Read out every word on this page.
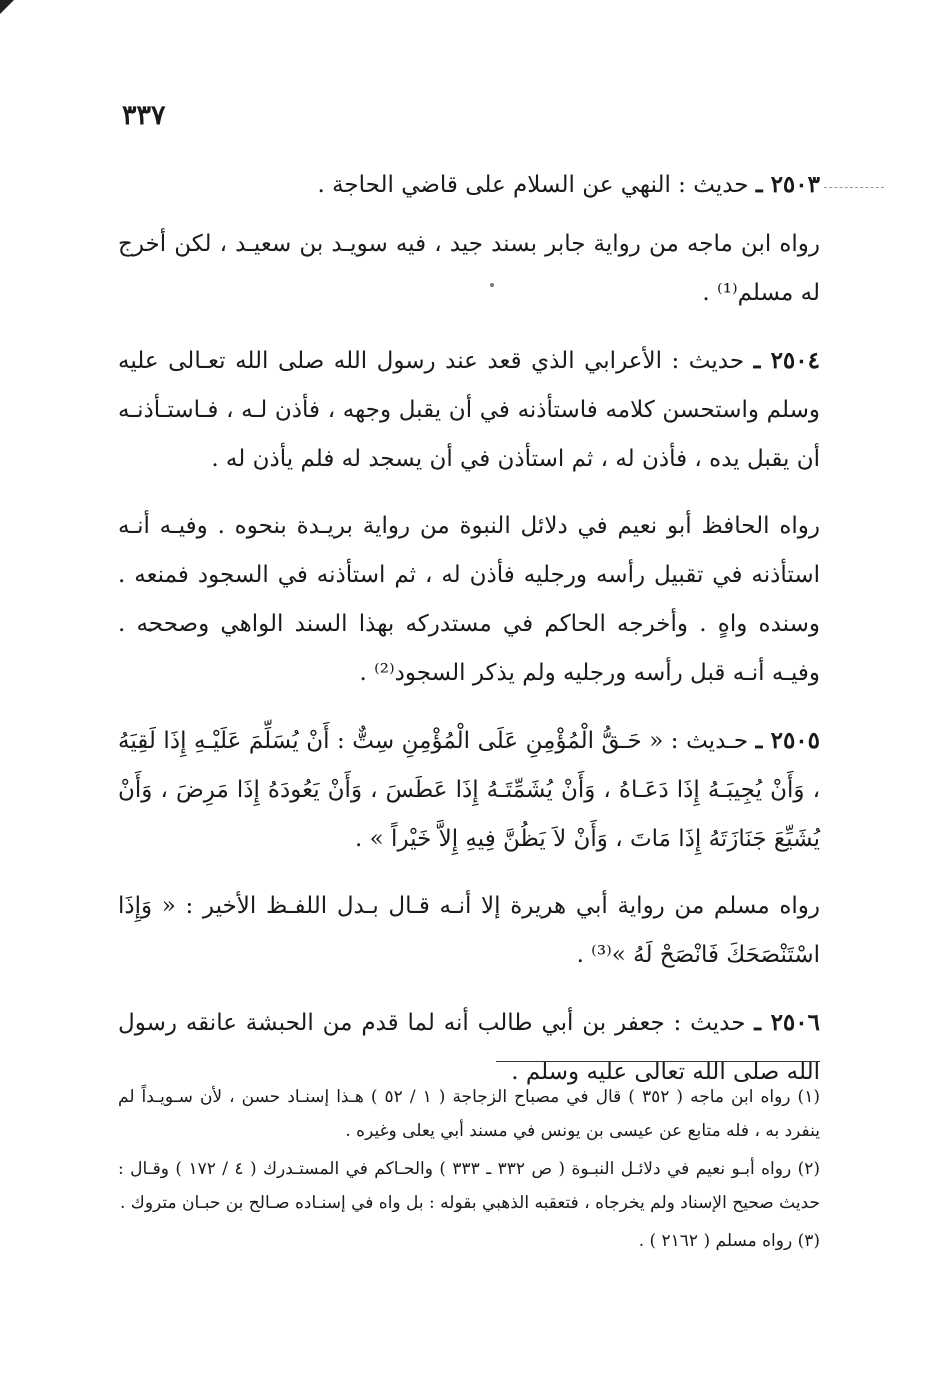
٣٣٧

٢٥٠٣ ـ حديث : النهي عن السلام على قاضي الحاجة .

رواه ابن ماجه من رواية جابر بسند جيد ، فيه سويـد بن سعيـد ، لكن أخرج له مسلم⁽¹⁾ .

٢٥٠٤ ـ حديث : الأعرابي الذي قعد عند رسول الله صلى الله تعـالى عليه وسلم واستحسن كلامه فاستأذنه في أن يقبل وجهه ، فأذن لـه ، فـاستـأذنـه أن يقبل يده ، فأذن له ، ثم استأذن في أن يسجد له فلم يأذن له .

رواه الحافظ أبو نعيم في دلائل النبوة من رواية بريـدة بنحوه . وفيـه أنـه استأذنه في تقبيل رأسه ورجليه فأذن له ، ثم استأذنه في السجود فمنعه . وسنده واهٍ . وأخرجه الحاكم في مستدركه بهذا السند الواهي وصححه . وفيـه أنـه قبل رأسه ورجليه ولم يذكر السجود⁽²⁾ .

٢٥٠٥ ـ حـديث : « حَـقُّ الْمُؤْمِنِ عَلَى الْمُؤْمِنِ سِتٌّ : أَنْ يُسَلِّمَ عَلَيْـهِ إِذَا لَقِيَهُ ، وَأَنْ يُجِيبَـهُ إِذَا دَعَـاهُ ، وَأَنْ يُشَمِّتَـهُ إِذَا عَطَسَ ، وَأَنْ يَعُودَهُ إِذَا مَرِضَ ، وَأَنْ يُشَيِّعَ جَنَازَتَهُ إِذَا مَاتَ ، وَأَنْ لاَ يَظُنَّ فِيهِ إِلاَّ خَيْراً » .

رواه مسلم من رواية أبي هريرة إلا أنـه قـال بـدل اللفـظ الأخير : « وَإِذَا اسْتَنْصَحَكَ فَانْصَحْ لَهُ »⁽³⁾ .

٢٥٠٦ ـ حديث : جعفر بن أبي طالب أنه لما قدم من الحبشة عانقه رسول الله صلى الله تعالى عليه وسلم .

(١) رواه ابن ماجه ( ٣٥٢ ) قال في مصباح الزجاجة ( ١ / ٥٢ ) هـذا إسنـاد حسن ، لأن سـويـداً لم ينفرد به ، فله متابع عن عيسى بن يونس في مسند أبي يعلى وغيره .

(٢) رواه أبـو نعيم في دلائـل النبـوة ( ص ٣٣٢ ـ ٣٣٣ ) والحـاكم في المستـدرك ( ٤ / ١٧٢ ) وقـال : حديث صحيح الإسناد ولم يخرجاه ، فتعقبه الذهبي بقوله : بل واه في إسنـاده صـالح بن حبـان متروك .

(٣) رواه مسلم ( ٢١٦٢ ) .
